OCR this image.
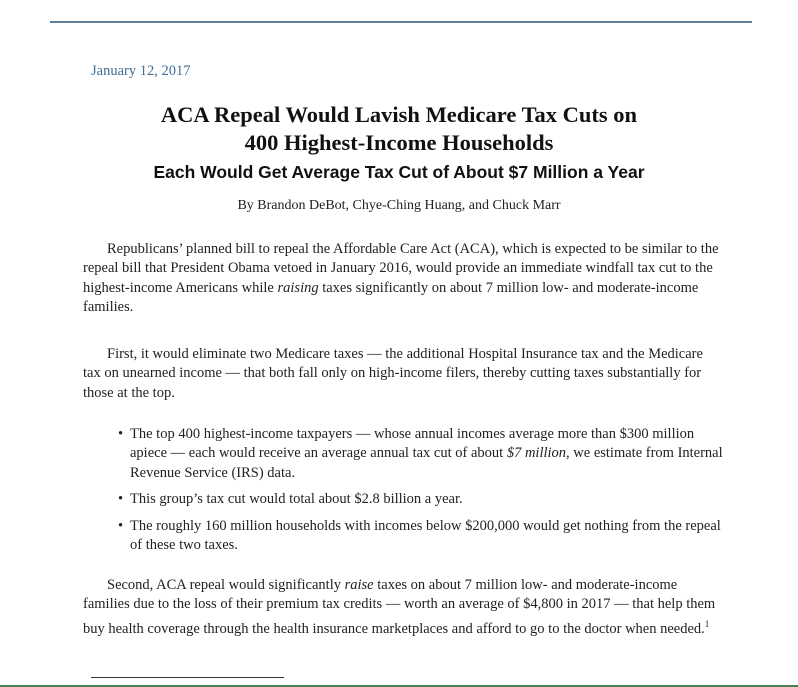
January 12, 2017
ACA Repeal Would Lavish Medicare Tax Cuts on
400 Highest-Income Households
Each Would Get Average Tax Cut of About $7 Million a Year
By Brandon DeBot, Chye-Ching Huang, and Chuck Marr

Republicans’ planned bill to repeal the Affordable Care Act (ACA), which is expected to be similar to the repeal bill that President Obama vetoed in January 2016, would provide an immediate windfall tax cut to the highest-income Americans while raising taxes significantly on about 7 million low- and moderate-income families.

First, it would eliminate two Medicare taxes — the additional Hospital Insurance tax and the Medicare tax on unearned income — that both fall only on high-income filers, thereby cutting taxes substantially for those at the top.

• The top 400 highest-income taxpayers — whose annual incomes average more than $300 million apiece — each would receive an average annual tax cut of about $7 million, we estimate from Internal Revenue Service (IRS) data.
• This group’s tax cut would total about $2.8 billion a year.
• The roughly 160 million households with incomes below $200,000 would get nothing from the repeal of these two taxes.

Second, ACA repeal would significantly raise taxes on about 7 million low- and moderate-income families due to the loss of their premium tax credits — worth an average of $4,800 in 2017 — that help them buy health coverage through the health insurance marketplaces and afford to go to the doctor when needed.$^1$
